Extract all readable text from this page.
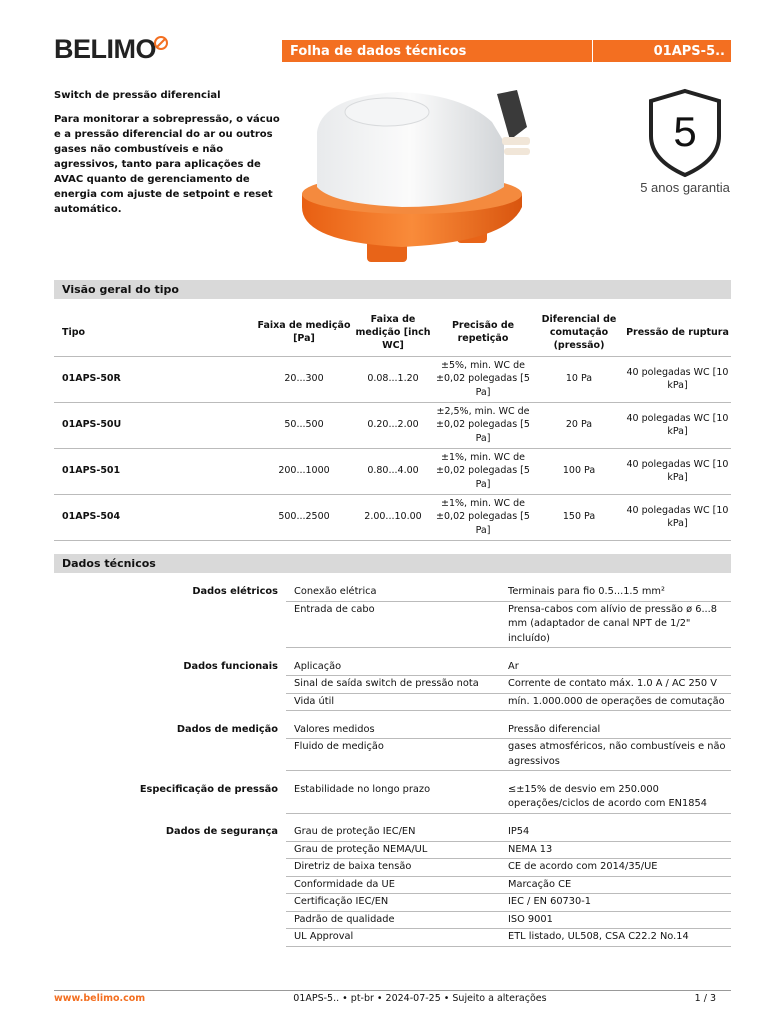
BELIMO	Folha de dados técnicos	01APS-5..
Switch de pressão diferencial
Para monitorar a sobrepressão, o vácuo e a pressão diferencial do ar ou outros gases não combustíveis e não agressivos, tanto para aplicações de AVAC quanto de gerenciamento de energia com ajuste de setpoint e reset automático.
5
5 anos garantia
Visão geral do tipo
Tipo	Faixa de medição [Pa]	Faixa de medição [inch WC]	Precisão de repetição	Diferencial de comutação (pressão)	Pressão de ruptura
01APS-50R	20...300	0.08...1.20	±5%, min. WC de ±0,02 polegadas [5 Pa]	10 Pa	40 polegadas WC [10 kPa]
01APS-50U	50...500	0.20...2.00	±2,5%, min. WC de ±0,02 polegadas [5 Pa]	20 Pa	40 polegadas WC [10 kPa]
01APS-501	200...1000	0.80...4.00	±1%, min. WC de ±0,02 polegadas [5 Pa]	100 Pa	40 polegadas WC [10 kPa]
01APS-504	500...2500	2.00...10.00	±1%, min. WC de ±0,02 polegadas [5 Pa]	150 Pa	40 polegadas WC [10 kPa]
Dados técnicos
Dados elétricos	Conexão elétrica	Terminais para fio 0.5...1.5 mm²
	Entrada de cabo	Prensa-cabos com alívio de pressão ø 6...8 mm (adaptador de canal NPT de 1/2" incluído)

Dados funcionais	Aplicação	Ar
	Sinal de saída switch de pressão nota	Corrente de contato máx. 1.0 A / AC 250 V
	Vida útil	mín. 1.000.000 de operações de comutação

Dados de medição	Valores medidos	Pressão diferencial
	Fluido de medição	gases atmosféricos, não combustíveis e não agressivos

Especificação de pressão	Estabilidade no longo prazo	≤±15% de desvio em 250.000 operações/ciclos de acordo com EN1854

Dados de segurança	Grau de proteção IEC/EN	IP54
	Grau de proteção NEMA/UL	NEMA 13
	Diretriz de baixa tensão	CE de acordo com 2014/35/UE
	Conformidade da UE	Marcação CE
	Certificação IEC/EN	IEC / EN 60730-1
	Padrão de qualidade	ISO 9001
	UL Approval	ETL listado, UL508, CSA C22.2 No.14
www.belimo.com	01APS-5.. • pt-br • 2024-07-25 • Sujeito a alterações	1 / 3
